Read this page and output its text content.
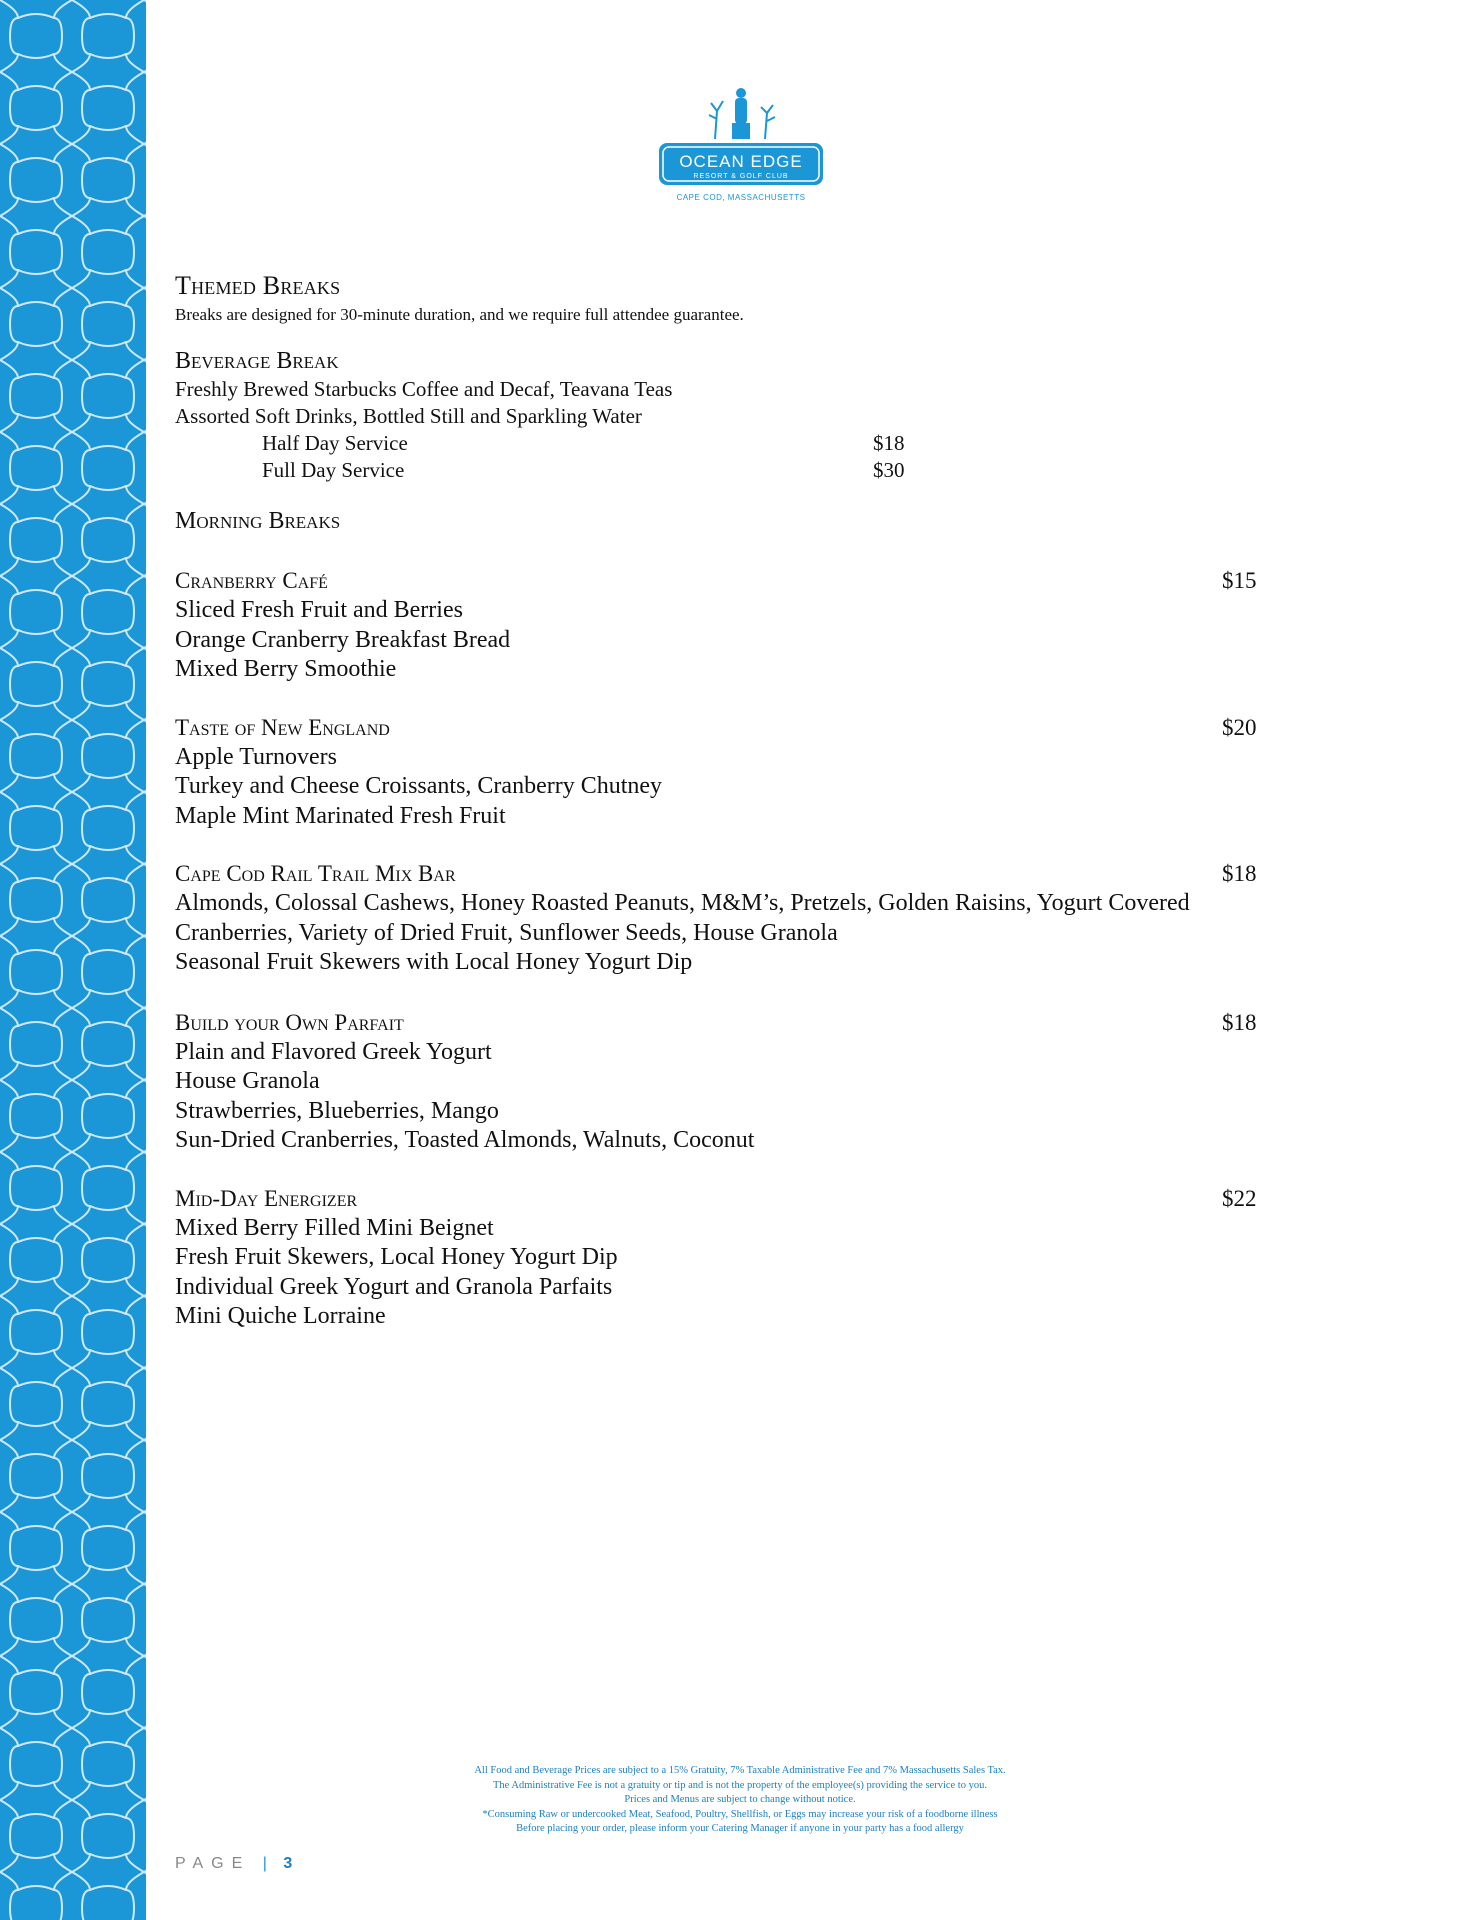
OCEAN EDGE
RESORT & GOLF CLUB
CAPE COD, MASSACHUSETTS
Themed Breaks

Breaks are designed for 30-minute duration, and we require full attendee guarantee.

Beverage Break
Freshly Brewed Starbucks Coffee and Decaf, Teavana Teas
Assorted Soft Drinks, Bottled Still and Sparkling Water
Half Day Service	$18
Full Day Service	$30
Morning Breaks
Cranberry Café	$15
Sliced Fresh Fruit and Berries
Orange Cranberry Breakfast Bread
Mixed Berry Smoothie
Taste of New England	$20
Apple Turnovers
Turkey and Cheese Croissants, Cranberry Chutney
Maple Mint Marinated Fresh Fruit
Cape Cod Rail Trail Mix Bar	$18
Almonds, Colossal Cashews, Honey Roasted Peanuts, M&M’s, Pretzels, Golden Raisins, Yogurt Covered
Cranberries, Variety of Dried Fruit, Sunflower Seeds, House Granola
Seasonal Fruit Skewers with Local Honey Yogurt Dip
Build your Own Parfait	$18
Plain and Flavored Greek Yogurt
House Granola
Strawberries, Blueberries, Mango
Sun-Dried Cranberries, Toasted Almonds, Walnuts, Coconut
Mid-Day Energizer	$22
Mixed Berry Filled Mini Beignet
Fresh Fruit Skewers, Local Honey Yogurt Dip
Individual Greek Yogurt and Granola Parfaits
Mini Quiche Lorraine
All Food and Beverage Prices are subject to a 15% Gratuity, 7% Taxable Administrative Fee and 7% Massachusetts Sales Tax.
The Administrative Fee is not a gratuity or tip and is not the property of the employee(s) providing the service to you.
Prices and Menus are subject to change without notice.
*Consuming Raw or undercooked Meat, Seafood, Poultry, Shellfish, or Eggs may increase your risk of a foodborne illness
Before placing your order, please inform your Catering Manager if anyone in your party has a food allergy
PAGE | 3
